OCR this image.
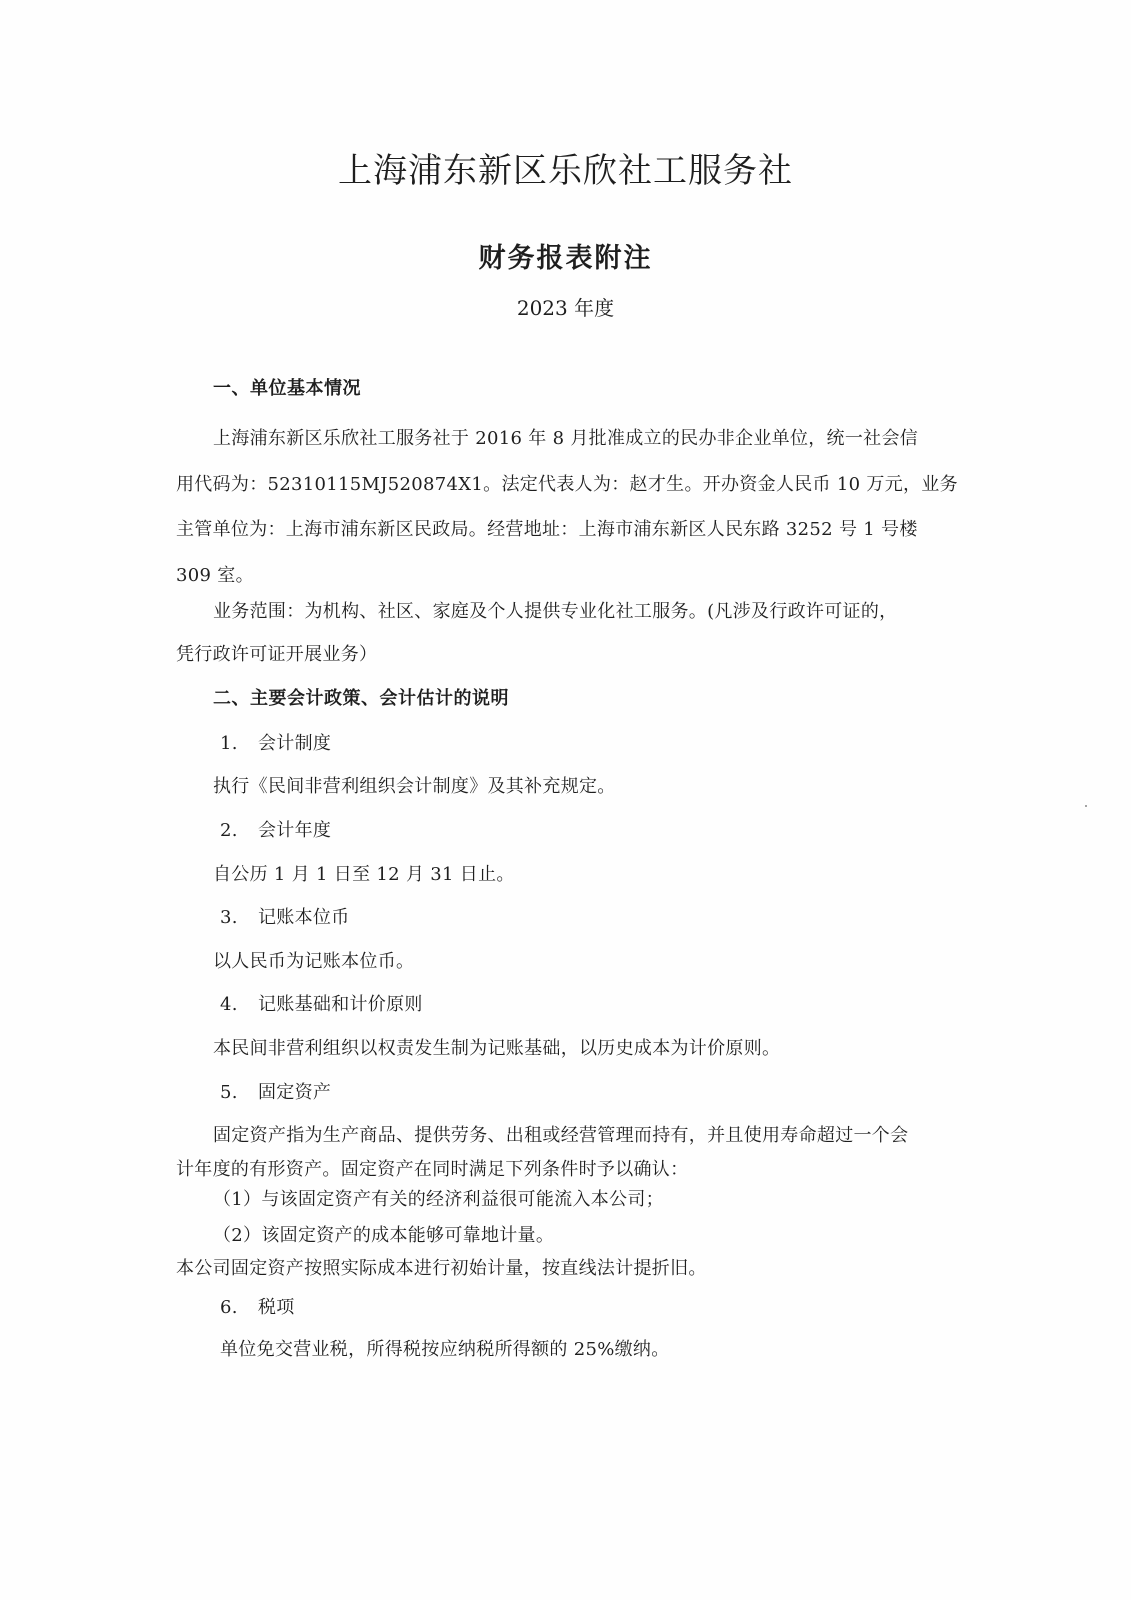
上海浦东新区乐欣社工服务社
财务报表附注
2023 年度
一、单位基本情况
上海浦东新区乐欣社工服务社于 2016 年 8 月批准成立的民办非企业单位，统一社会信
用代码为：52310115MJ520874X1。法定代表人为：赵才生。开办资金人民币 10 万元，业务
主管单位为：上海市浦东新区民政局。经营地址：上海市浦东新区人民东路 3252 号 1 号楼
309 室。
业务范围：为机构、社区、家庭及个人提供专业化社工服务。(凡涉及行政许可证的，
凭行政许可证开展业务）
二、主要会计政策、会计估计的说明
1. 会计制度
执行《民间非营利组织会计制度》及其补充规定。
2. 会计年度
自公历 1 月 1 日至 12 月 31 日止。
3. 记账本位币
以人民币为记账本位币。
4. 记账基础和计价原则
本民间非营利组织以权责发生制为记账基础，以历史成本为计价原则。
5. 固定资产
固定资产指为生产商品、提供劳务、出租或经营管理而持有，并且使用寿命超过一个会
计年度的有形资产。固定资产在同时满足下列条件时予以确认：
（1）与该固定资产有关的经济利益很可能流入本公司；
（2）该固定资产的成本能够可靠地计量。
本公司固定资产按照实际成本进行初始计量，按直线法计提折旧。
6. 税项
单位免交营业税，所得税按应纳税所得额的 25%缴纳。
